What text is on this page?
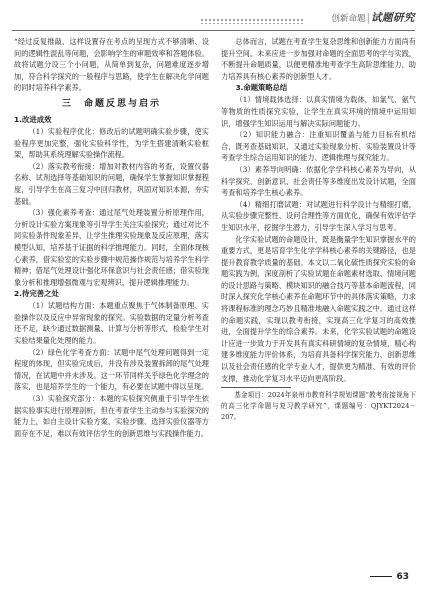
创新命题|试题研究

“经过反复推敲，这样设置存在考点的呈现方式不够清晰、设问的逻辑性混乱等问题，会影响学生的审题效率和答题体验。故将试题分设三个小问题，从简单到复杂，问题难度逐步增加，符合科学探究的一般程序与思路，使学生在解决化学问题的同时培养科学素养。

三　命题反思与启示
1.改进成效

（1）实验程序优化：修改后的试题明确实验步骤，使实验程序更加完整，强化实验科学性，为学生搭建清晰实验框架，帮助其系统理解实验操作流程。

（2）落实教考衔接：增加对教材内容的考查，设置仪器名称、试剂选择等基础知识的问题，确保学生掌握知识掌握程度，引导学生在高三复习中回归教材，巩固对知识本源，夯实基础。

（3）强化素养考查：通过尾气处理装置分析原理作用，分析设计实验方案现象等引导学生关注实验探究；通过对比不同实验条件现象差异，让学生推理实验现象及反应原理，落实模型认知，培养基于证据的科学推理能力。同时，全面体现核心素养，借实验室的实验步骤中规范操作规范与培养学生科学精神；借尾气处理设计强化环保意识与社会责任感；借实验现象分析和推理增强微观与宏观辨识，提升逻辑推理能力。

2.待完善之处

（1）试题结构方面：本题重点聚焦于气体制备原理、实验操作以及反应中异常现象的探究。实验数据的定量分析考查还不足，缺少通过数据测量、计算与分析等形式，检验学生对实验结果量化处理的能力。

（2）绿色化学考查方面：试题中尾气处理问题得到一定程度的体现，但实验完成后，并没有涉及装置拆卸的尾气处理情况，在试题中并未涉及。这一环节同样关乎绿色化学理念的落实，也是培养学生的一个能力，有必要在试题中得以呈现。

（3）实验探究部分：本题的实验探究侧重于引导学生依据实验事实进行原理剖析，但在考查学生主动参与实验探究的能力上，如自主设计实验方案、实验步骤、选择实验仪器等方面存在不足，难以有效评估学生的创新思维与实践操作能力。

总体而言，试题在考查学生复杂思维和创新能力方面尚有提升空间。未来应进一步加强对命题的全面思考的学与实践，不断提升命题质量，以便更精准地考查学生高阶思维能力，助力培养具有核心素养的创新型人才。

3.命题策略总结

（1）情境载体选择：以真实情境为载体，如氯气、氨气等物质的性质探究实验，让学生在真实环境的情境中运用知识，增强学生知识运用与解决实际问题能力。

（2）知识能力融合：注重知识覆盖与能力目标有机结合，既考查基础知识，又通过实验现象分析、实验装置设计等考查学生综合运用知识的能力、逻辑推理与探究能力。

（3）素养导向明确：依据化学学科核心素养为导向，从科学探究、创新意识、社会责任等多维度出发设计试题，全面考查和培养学生核心素养。

（4）精细打磨试题：对试题进行科学设计与精细打磨，从实验步骤完整性、设问合理性等方面优化，确保有效评估学生知识水平，挖掘学生潜力，引导学生深入学习与思考。

化学实验试题的命题设计，既是衡量学生知识掌握水平的重要方式，更是培育学生化学学科核心素养的关键路径，也是提升教育教学质量的基础。本文以二氧化硫性质探究实验的命题实践为例，深度剖析了实验试题在命题素材选取、情境问题的设计思路与策略、模块知识的融合技巧等基本命题流程，同时深入探究化学核心素养在命题环节中的具体落实策略，力求将课程标准的理念巧妙且精准地融入命题实践之中。通过这样的命题实践，实现以教考衔接，实现高三化学复习的高效推进，全面提升学生的综合素养。未来，化学实验试题的命题设计应进一步致力于开发具有真实科研情境的复杂情境，精心构建多维度能力评价体系，为培育具备科学探究能力、创新思维以及社会责任感的化学专业人才，提供更为精准、有效的评价支撑，推动化学复习水平迈向更高阶段。

基金项目：2024年泉州市教育科学规划课题“教考衔接视角下的高三化学命题与复习教学研究”，课题编号：QJYKT2024－207。

63
